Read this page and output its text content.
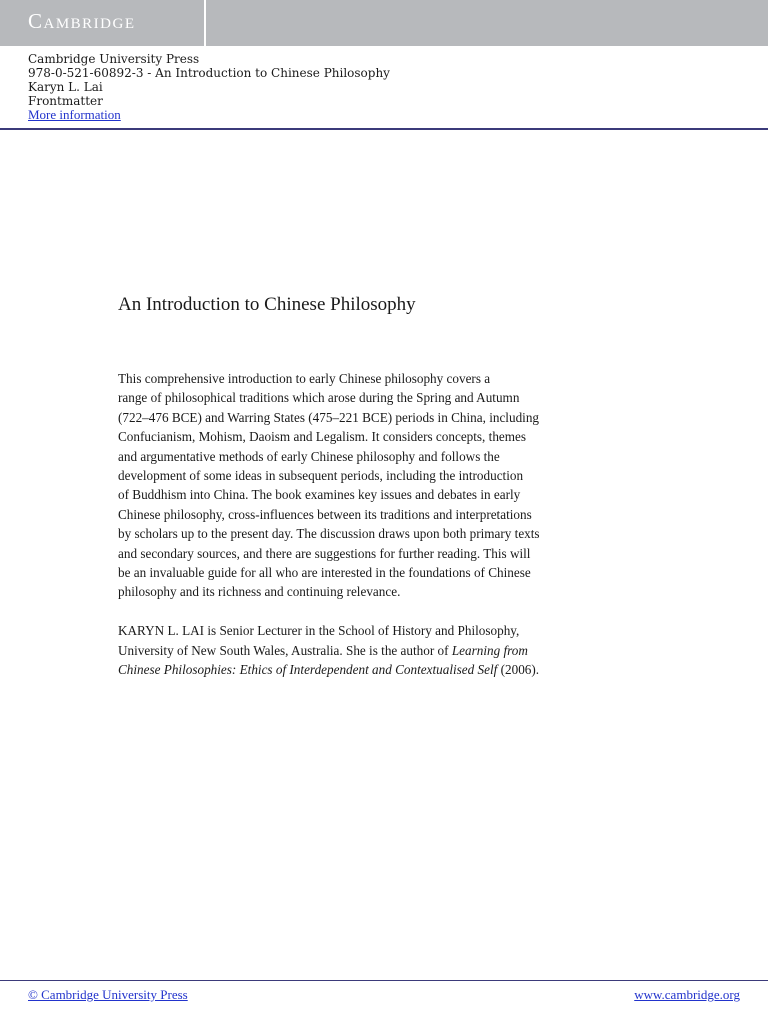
Cambridge
Cambridge University Press
978-0-521-60892-3 - An Introduction to Chinese Philosophy
Karyn L. Lai
Frontmatter
More information
An Introduction to Chinese Philosophy
This comprehensive introduction to early Chinese philosophy covers a
range of philosophical traditions which arose during the Spring and Autumn
(722–476 BCE) and Warring States (475–221 BCE) periods in China, including
Confucianism, Mohism, Daoism and Legalism. It considers concepts, themes
and argumentative methods of early Chinese philosophy and follows the
development of some ideas in subsequent periods, including the introduction
of Buddhism into China. The book examines key issues and debates in early
Chinese philosophy, cross-influences between its traditions and interpretations
by scholars up to the present day. The discussion draws upon both primary texts
and secondary sources, and there are suggestions for further reading. This will
be an invaluable guide for all who are interested in the foundations of Chinese
philosophy and its richness and continuing relevance.
KARYN L. LAI is Senior Lecturer in the School of History and Philosophy,
University of New South Wales, Australia. She is the author of Learning from
Chinese Philosophies: Ethics of Interdependent and Contextualised Self (2006).
© Cambridge University Press	www.cambridge.org
